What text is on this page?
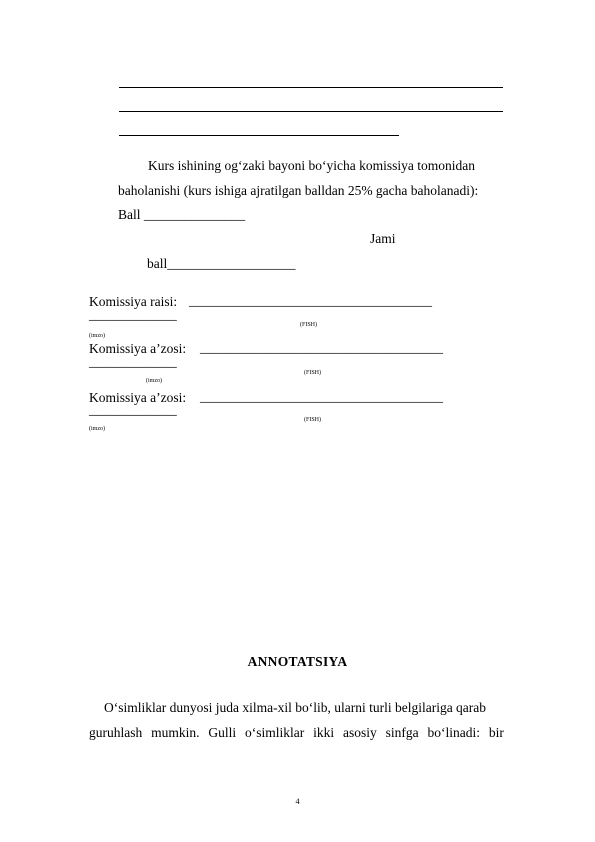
Kurs ishining og‘zaki bayoni bo‘yicha komissiya tomonidan
baholanishi (kurs ishiga ajratilgan balldan 25% gacha baholanadi):
Ball _______________
Jami
ball___________________
Komissiya raisi: ____________________________________
_____________
(FISH)
(imzo)
Komissiya a’zosi: ____________________________________
_____________
(FISH)
(imzo)
Komissiya a’zosi: ____________________________________
_____________
(FISH)
(imzo)
ANNOTATSIYA
O‘simliklar dunyosi juda xilma-xil bo‘lib, ularni turli belgilariga qarab
guruhlash mumkin. Gulli o‘simliklar ikki asosiy sinfga bo‘linadi: bir
4
